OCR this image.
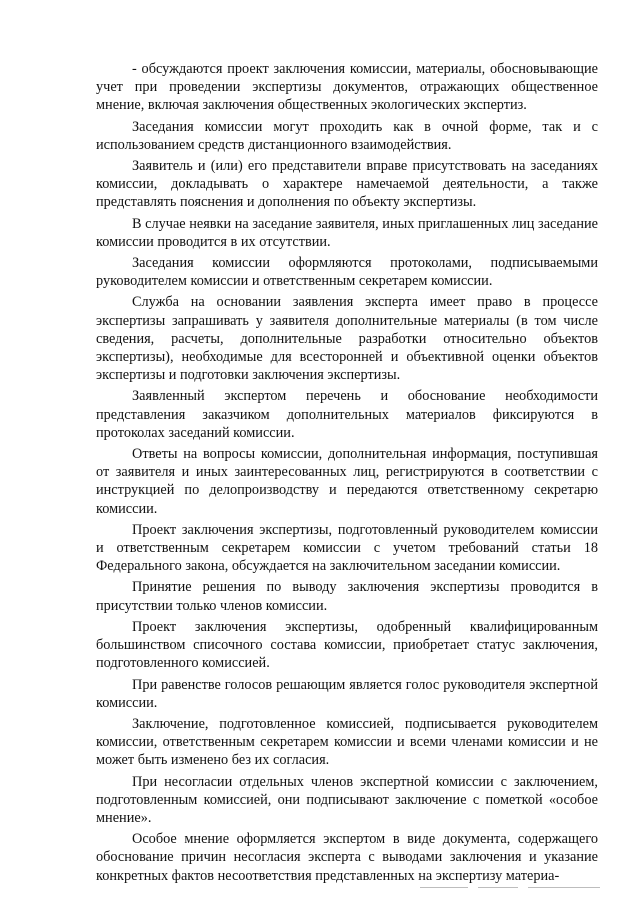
- обсуждаются проект заключения комиссии, материалы, обосновывающие учет при проведении экспертизы документов, отражающих общественное мнение, включая заключения общественных экологических экспертиз.

Заседания комиссии могут проходить как в очной форме, так и с использованием средств дистанционного взаимодействия.

Заявитель и (или) его представители вправе присутствовать на заседаниях комиссии, докладывать о характере намечаемой деятельности, а также представлять пояснения и дополнения по объекту экспертизы.

В случае неявки на заседание заявителя, иных приглашенных лиц заседание комиссии проводится в их отсутствии.

Заседания комиссии оформляются протоколами, подписываемыми руководителем комиссии и ответственным секретарем комиссии.

Служба на основании заявления эксперта имеет право в процессе экспертизы запрашивать у заявителя дополнительные материалы (в том числе сведения, расчеты, дополнительные разработки относительно объектов экспертизы), необходимые для всесторонней и объективной оценки объектов экспертизы и подготовки заключения экспертизы.

Заявленный экспертом перечень и обоснование необходимости представления заказчиком дополнительных материалов фиксируются в протоколах заседаний комиссии.

Ответы на вопросы комиссии, дополнительная информация, поступившая от заявителя и иных заинтересованных лиц, регистрируются в соответствии с инструкцией по делопроизводству и передаются ответственному секретарю комиссии.

Проект заключения экспертизы, подготовленный руководителем комиссии и ответственным секретарем комиссии с учетом требований статьи 18 Федерального закона, обсуждается на заключительном заседании комиссии.

Принятие решения по выводу заключения экспертизы проводится в присутствии только членов комиссии.

Проект заключения экспертизы, одобренный квалифицированным большинством списочного состава комиссии, приобретает статус заключения, подготовленного комиссией.

При равенстве голосов решающим является голос руководителя экспертной комиссии.

Заключение, подготовленное комиссией, подписывается руководителем комиссии, ответственным секретарем комиссии и всеми членами комиссии и не может быть изменено без их согласия.

При несогласии отдельных членов экспертной комиссии с заключением, подготовленным комиссией, они подписывают заключение с пометкой «особое мнение».

Особое мнение оформляется экспертом в виде документа, содержащего обоснование причин несогласия эксперта с выводами заключения и указание конкретных фактов несоответствия представленных на экспертизу материа-
